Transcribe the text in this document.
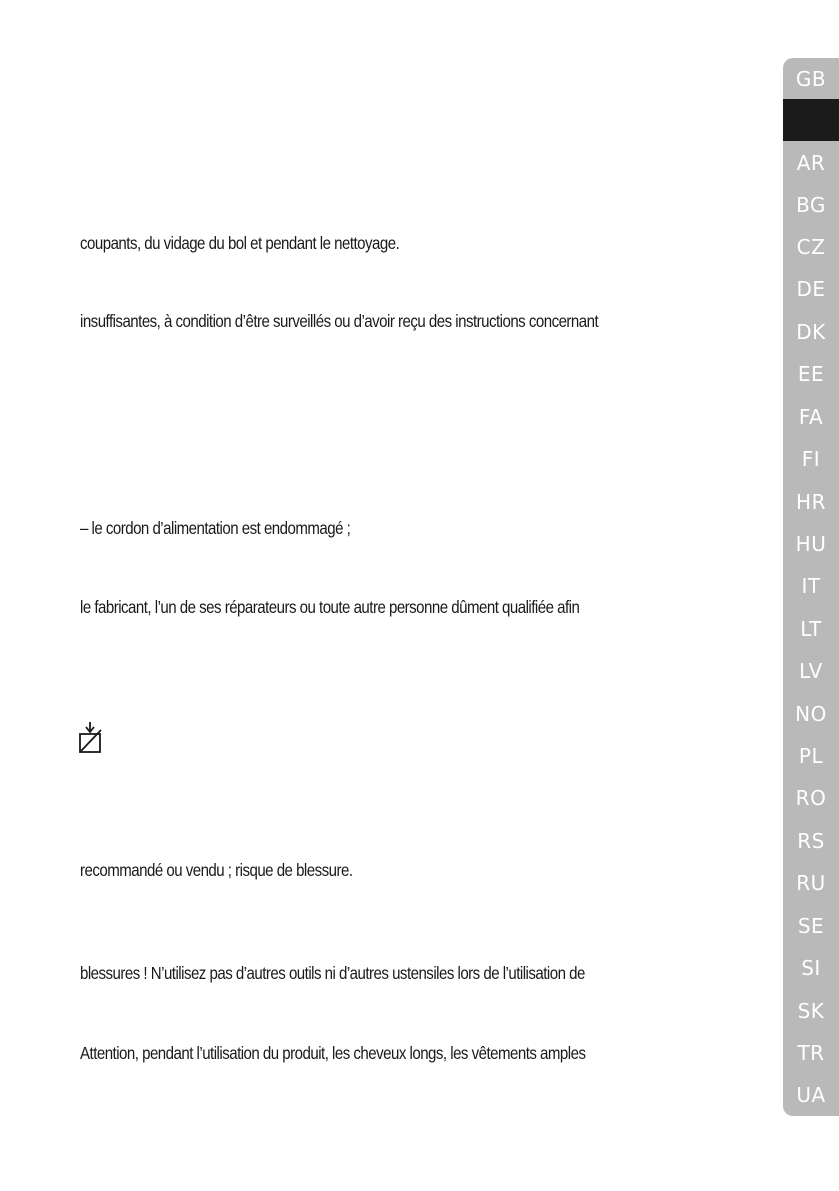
coupants, du vidage du bol et pendant le nettoyage.

insuffisantes, à condition d’être surveillés ou d’avoir reçu des instructions concernant

– le cordon d’alimentation est endommagé ;

le fabricant, l’un de ses réparateurs ou toute autre personne dûment qualifiée afin

recommandé ou vendu ; risque de blessure.

blessures ! N’utilisez pas d’autres outils ni d’autres ustensiles lors de l’utilisation de

Attention, pendant l’utilisation du produit, les cheveux longs, les vêtements amples

GB
AR
BG
CZ
DE
DK
EE
FA
FI
HR
HU
IT
LT
LV
NO
PL
RO
RS
RU
SE
SI
SK
TR
UA
